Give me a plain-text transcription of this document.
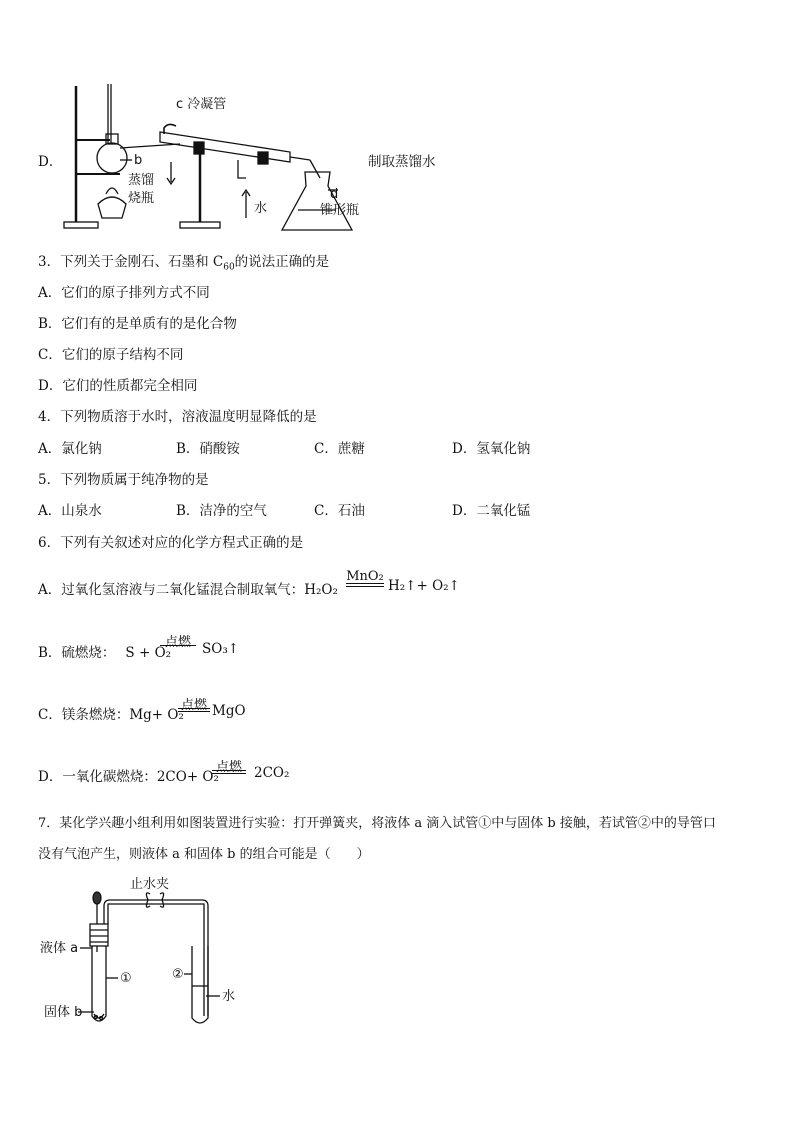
D．
c 冷凝管
b
蒸馏
烧瓶
水
d
锥形瓶
制取蒸馏水
3．下列关于金刚石、石墨和 $C_{60}$的说法正确的是
A．它们的原子排列方式不同
B．它们有的是单质有的是化合物
C．它们的原子结构不同
D．它们的性质都完全相同
4．下列物质溶于水时，溶液温度明显降低的是
A．氯化钠	B．硝酸铵	C．蔗糖	D．氢氧化钠
5．下列物质属于纯净物的是
A．山泉水	B．洁净的空气	C．石油	D．二氧化锰
6．下列有关叙述对应的化学方程式正确的是
A．过氧化氢溶液与二氧化锰混合制取氧气：H₂O₂
MnO₂
H₂↑+ O₂↑
B．硫燃烧： S + O₂
点燃 SO₃↑
C．镁条燃烧：Mg+ O₂
点燃 MgO
D．一氧化碳燃烧：2CO+ O₂
点燃 2CO₂
7．某化学兴趣小组利用如图装置进行实验：打开弹簧夹，将液体 a 滴入试管①中与固体 b 接触，若试管②中的导管口
没有气泡产生，则液体 a 和固体 b 的组合可能是（　　）
止水夹
液体 a
①	②
水
固体 b
